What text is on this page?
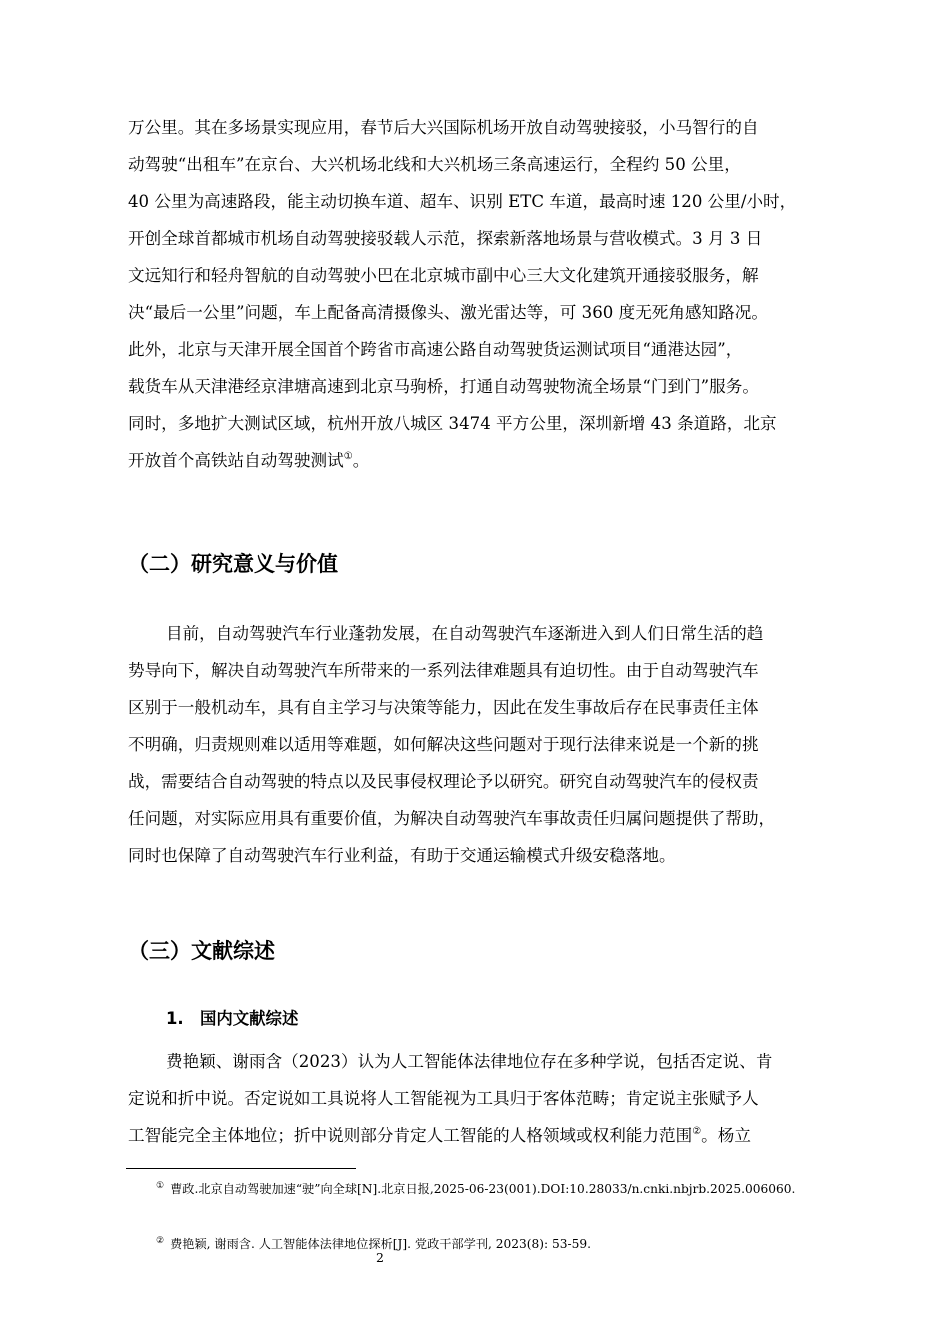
万公里。其在多场景实现应用，春节后大兴国际机场开放自动驾驶接驳，小马智行的自
动驾驶“出租车”在京台、大兴机场北线和大兴机场三条高速运行，全程约 50 公里，
40 公里为高速路段，能主动切换车道、超车、识别 ETC 车道，最高时速 120 公里/小时，
开创全球首都城市机场自动驾驶接驳载人示范，探索新落地场景与营收模式。3 月 3 日
文远知行和轻舟智航的自动驾驶小巴在北京城市副中心三大文化建筑开通接驳服务，解
决“最后一公里”问题，车上配备高清摄像头、激光雷达等，可 360 度无死角感知路况。
此外，北京与天津开展全国首个跨省市高速公路自动驾驶货运测试项目“通港达园”，
载货车从天津港经京津塘高速到北京马驹桥，打通自动驾驶物流全场景“门到门”服务。
同时，多地扩大测试区域，杭州开放八城区 3474 平方公里，深圳新增 43 条道路，北京
开放首个高铁站自动驾驶测试①。
（二）研究意义与价值
目前，自动驾驶汽车行业蓬勃发展，在自动驾驶汽车逐渐进入到人们日常生活的趋
势导向下，解决自动驾驶汽车所带来的一系列法律难题具有迫切性。由于自动驾驶汽车
区别于一般机动车，具有自主学习与决策等能力，因此在发生事故后存在民事责任主体
不明确，归责规则难以适用等难题，如何解决这些问题对于现行法律来说是一个新的挑
战，需要结合自动驾驶的特点以及民事侵权理论予以研究。研究自动驾驶汽车的侵权责
任问题，对实际应用具有重要价值，为解决自动驾驶汽车事故责任归属问题提供了帮助，
同时也保障了自动驾驶汽车行业利益，有助于交通运输模式升级安稳落地。
（三）文献综述
1. 国内文献综述
费艳颖、谢雨含（2023）认为人工智能体法律地位存在多种学说，包括否定说、肯
定说和折中说。否定说如工具说将人工智能视为工具归于客体范畴；肯定说主张赋予人
工智能完全主体地位；折中说则部分肯定人工智能的人格领域或权利能力范围②。杨立
① 曹政.北京自动驾驶加速“驶”向全球[N].北京日报,2025-06-23(001).DOI:10.28033/n.cnki.nbjrb.2025.006060.
② 费艳颖, 谢雨含. 人工智能体法律地位探析[J]. 党政干部学刊, 2023(8): 53-59.
2
